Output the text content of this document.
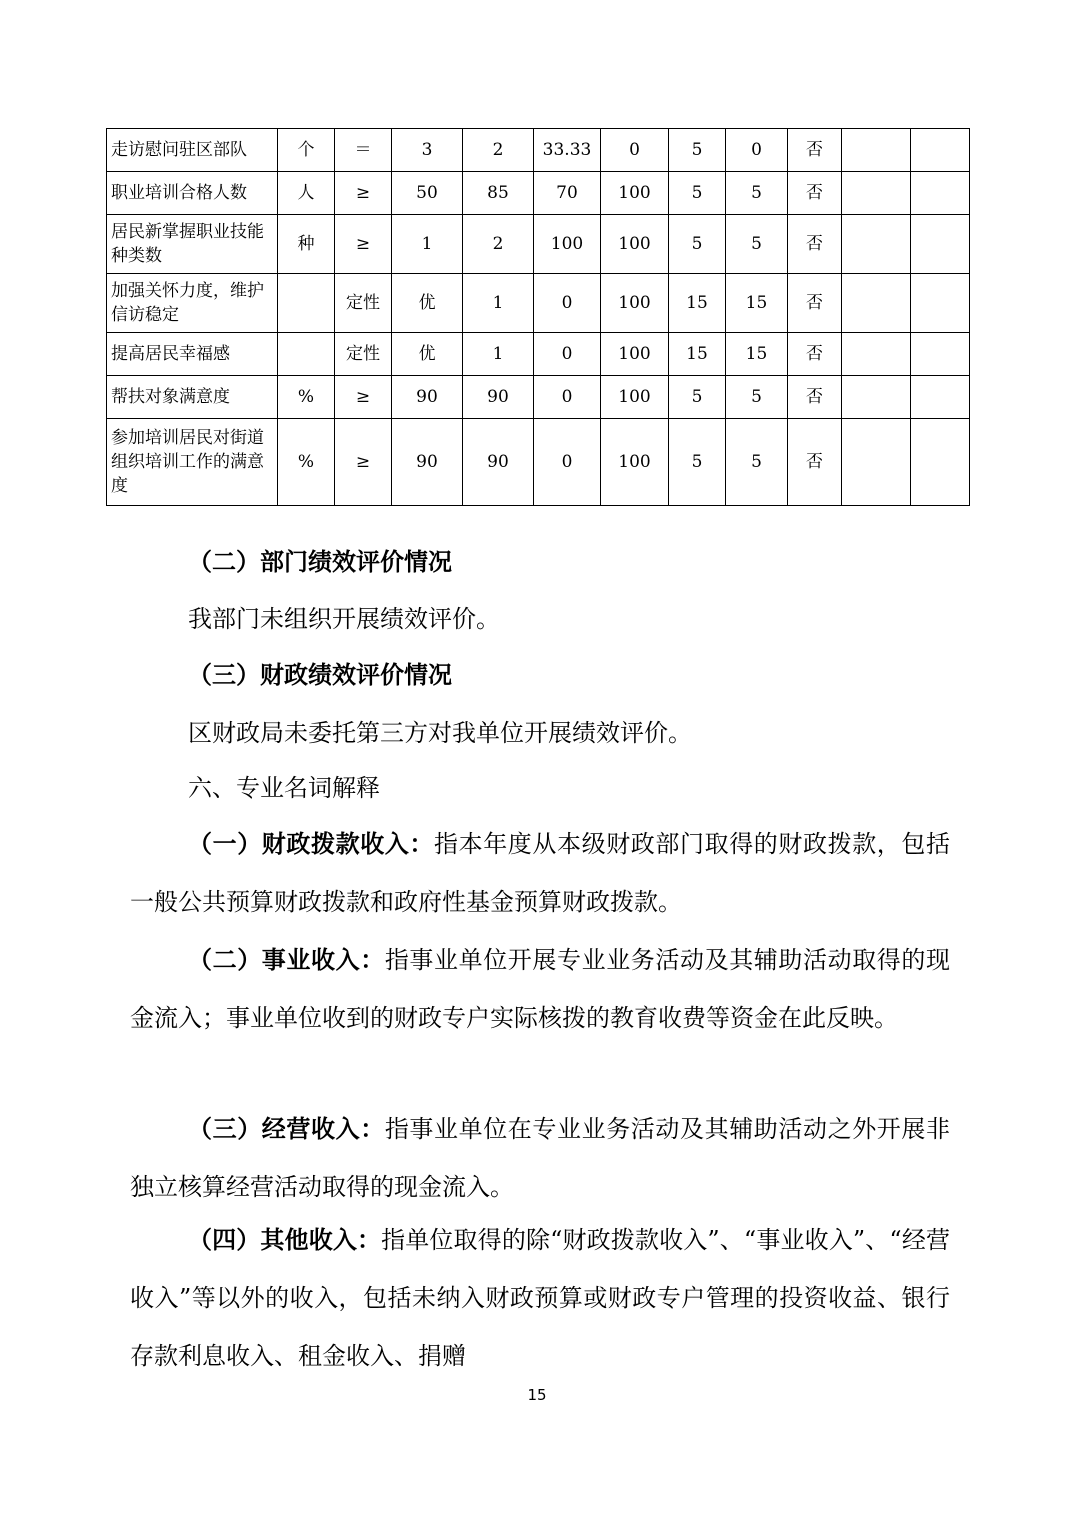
走访慰问驻区部队	个	＝	3	2	33.33	0	5	0	否		
职业培训合格人数	人	≥	50	85	70	100	5	5	否		
居民新掌握职业技能种类数	种	≥	1	2	100	100	5	5	否		
加强关怀力度，维护信访稳定		定性	优	1	0	100	15	15	否		
提高居民幸福感		定性	优	1	0	100	15	15	否		
帮扶对象满意度	%	≥	90	90	0	100	5	5	否		
参加培训居民对街道组织培训工作的满意度	%	≥	90	90	0	100	5	5	否		
（二）部门绩效评价情况
我部门未组织开展绩效评价。
（三）财政绩效评价情况
区财政局未委托第三方对我单位开展绩效评价。
六、专业名词解释
（一）财政拨款收入：指本年度从本级财政部门取得的财政拨款，包括一般公共预算财政拨款和政府性基金预算财政拨款。
（二）事业收入：指事业单位开展专业业务活动及其辅助活动取得的现金流入；事业单位收到的财政专户实际核拨的教育收费等资金在此反映。
（三）经营收入：指事业单位在专业业务活动及其辅助活动之外开展非独立核算经营活动取得的现金流入。
（四）其他收入：指单位取得的除“财政拨款收入”、“事业收入”、“经营收入”等以外的收入，包括未纳入财政预算或财政专户管理的投资收益、银行存款利息收入、租金收入、捐赠
15
